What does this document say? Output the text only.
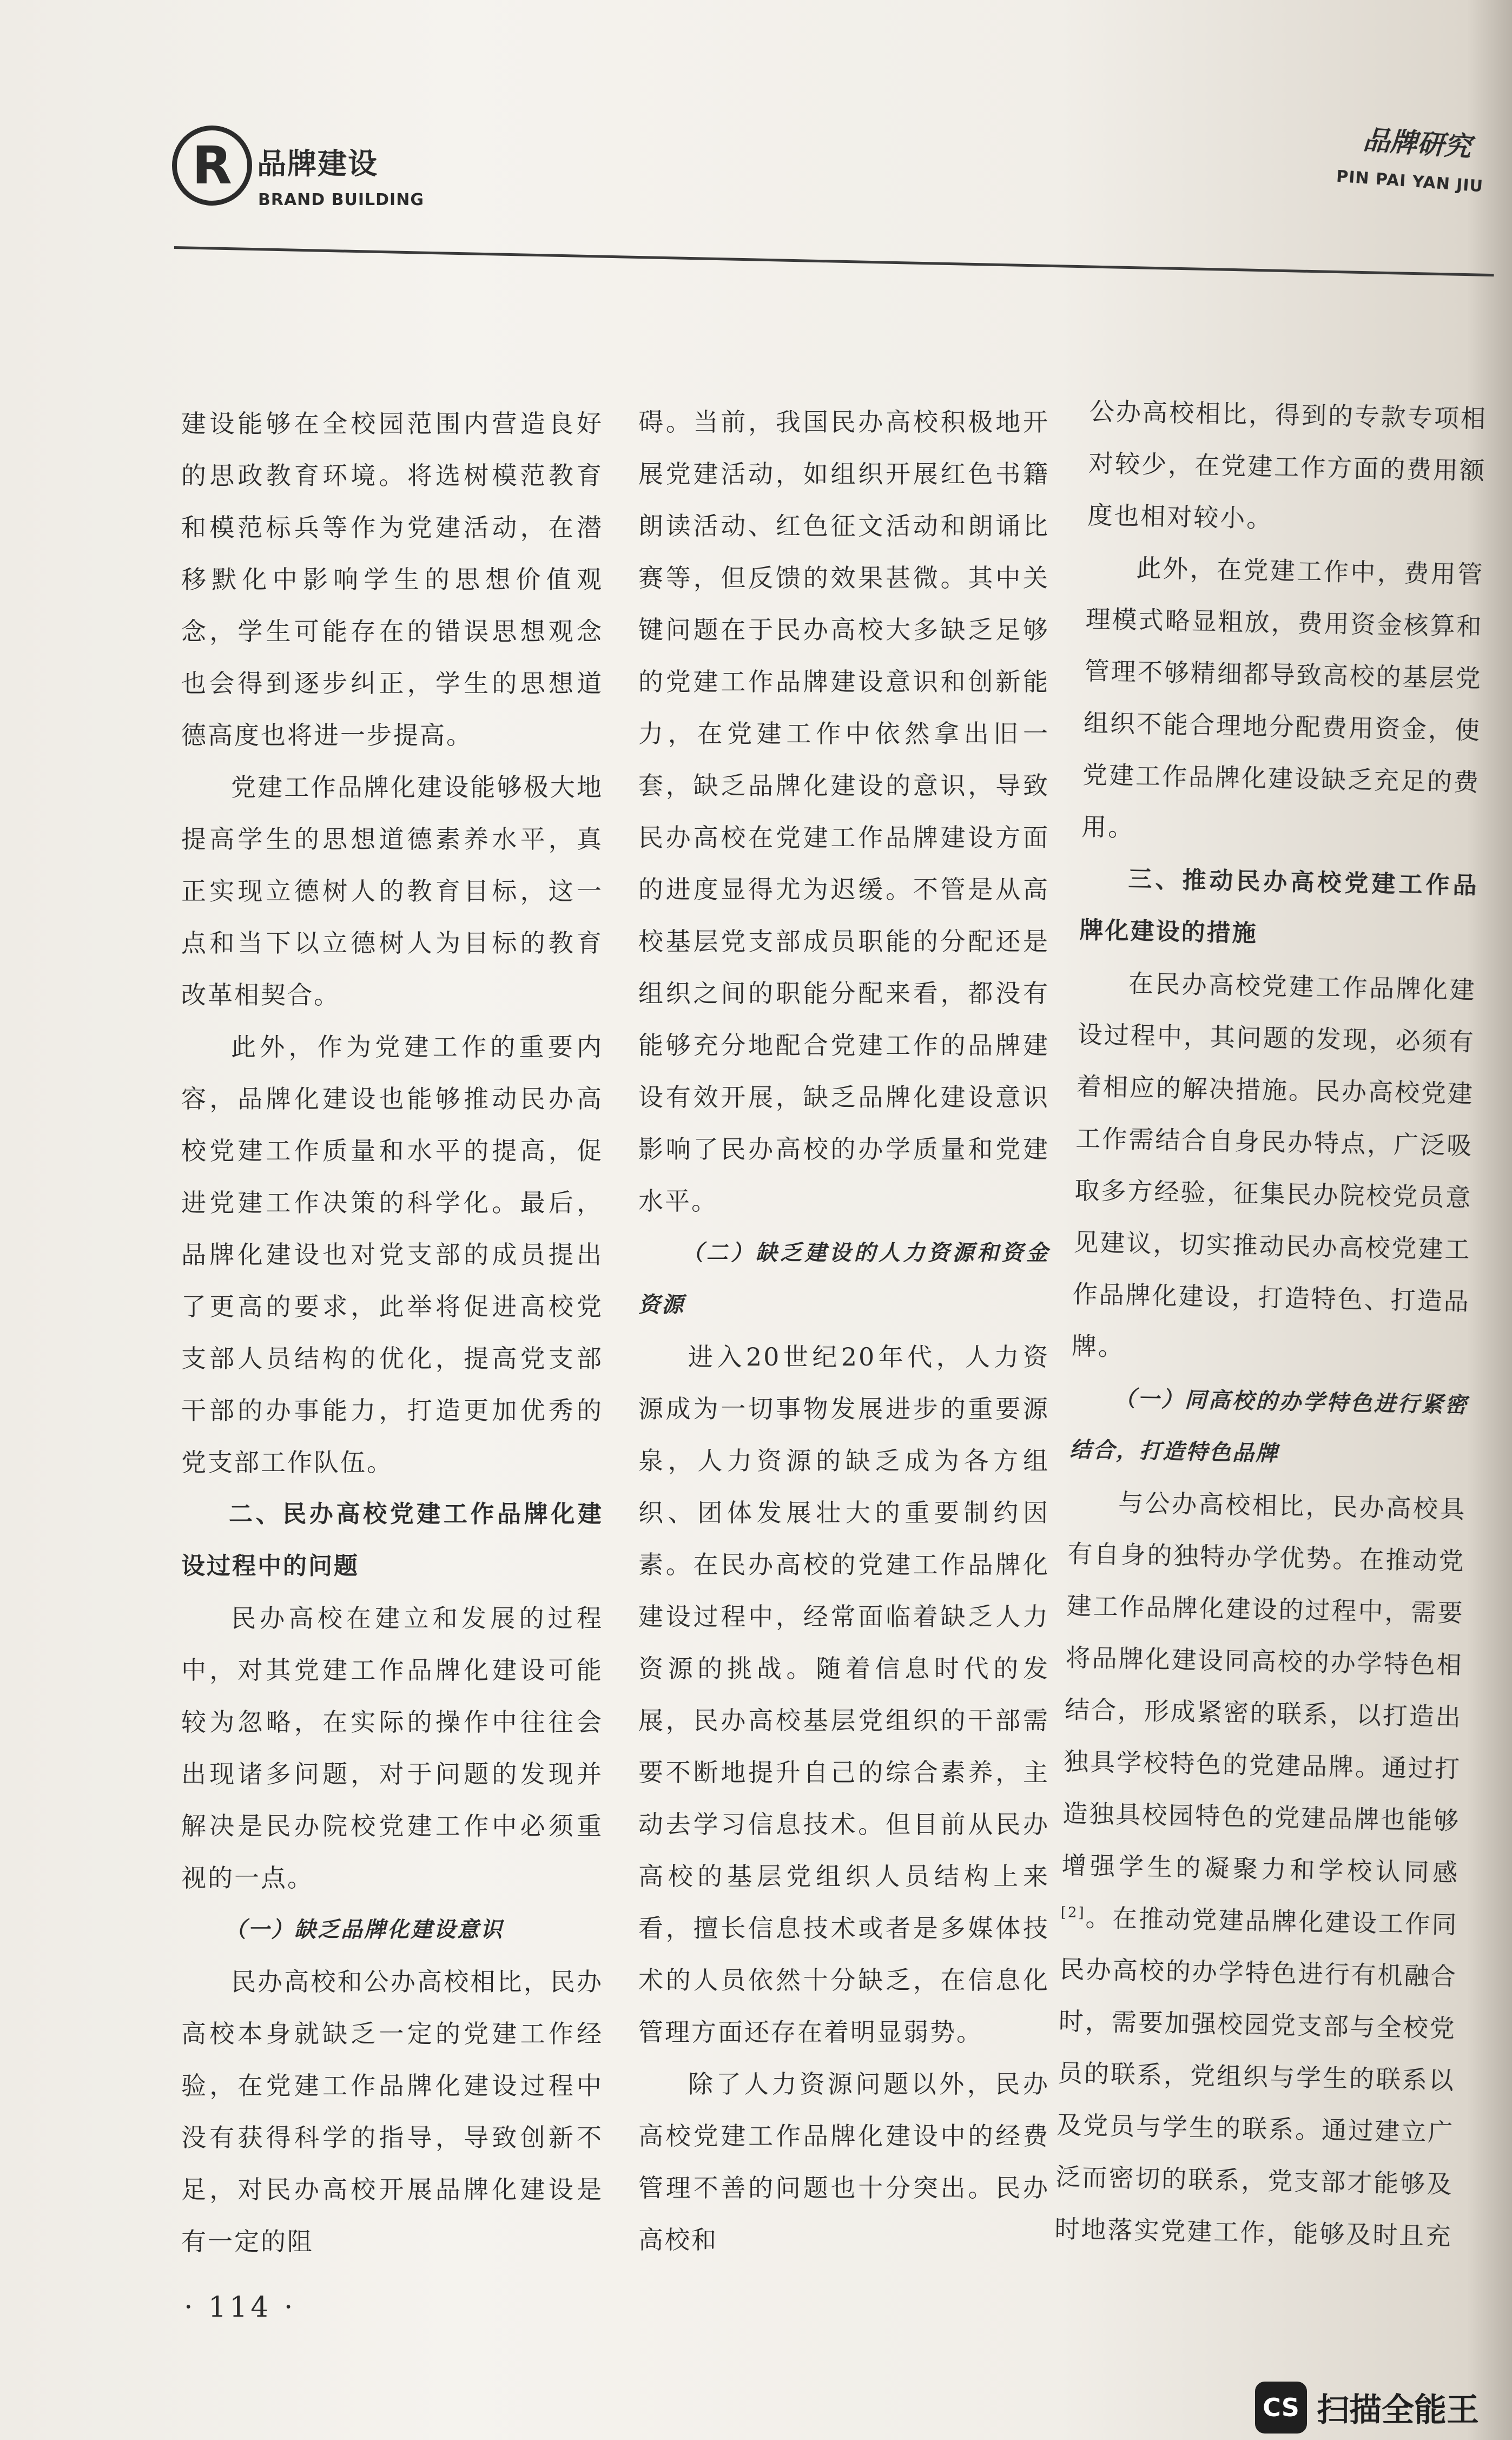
R 品牌建设
BRAND BUILDING
品牌研究
PIN PAI YAN JIU

建设能够在全校园范围内营造良好的思政教育环境。将选树模范教育和模范标兵等作为党建活动，在潜移默化中影响学生的思想价值观念，学生可能存在的错误思想观念也会得到逐步纠正，学生的思想道德高度也将进一步提高。

党建工作品牌化建设能够极大地提高学生的思想道德素养水平，真正实现立德树人的教育目标，这一点和当下以立德树人为目标的教育改革相契合。

此外，作为党建工作的重要内容，品牌化建设也能够推动民办高校党建工作质量和水平的提高，促进党建工作决策的科学化。最后，品牌化建设也对党支部的成员提出了更高的要求，此举将促进高校党支部人员结构的优化，提高党支部干部的办事能力，打造更加优秀的党支部工作队伍。

二、民办高校党建工作品牌化建设过程中的问题

民办高校在建立和发展的过程中，对其党建工作品牌化建设可能较为忽略，在实际的操作中往往会出现诸多问题，对于问题的发现并解决是民办院校党建工作中必须重视的一点。

（一）缺乏品牌化建设意识

民办高校和公办高校相比，民办高校本身就缺乏一定的党建工作经验，在党建工作品牌化建设过程中没有获得科学的指导，导致创新不足，对民办高校开展品牌化建设是有一定的阻

碍。当前，我国民办高校积极地开展党建活动，如组织开展红色书籍朗读活动、红色征文活动和朗诵比赛等，但反馈的效果甚微。其中关键问题在于民办高校大多缺乏足够的党建工作品牌建设意识和创新能力，在党建工作中依然拿出旧一套，缺乏品牌化建设的意识，导致民办高校在党建工作品牌建设方面的进度显得尤为迟缓。不管是从高校基层党支部成员职能的分配还是组织之间的职能分配来看，都没有能够充分地配合党建工作的品牌建设有效开展，缺乏品牌化建设意识影响了民办高校的办学质量和党建水平。

（二）缺乏建设的人力资源和资金资源

进入20世纪20年代，人力资源成为一切事物发展进步的重要源泉，人力资源的缺乏成为各方组织、团体发展壮大的重要制约因素。在民办高校的党建工作品牌化建设过程中，经常面临着缺乏人力资源的挑战。随着信息时代的发展，民办高校基层党组织的干部需要不断地提升自己的综合素养，主动去学习信息技术。但目前从民办高校的基层党组织人员结构上来看，擅长信息技术或者是多媒体技术的人员依然十分缺乏，在信息化管理方面还存在着明显弱势。

除了人力资源问题以外，民办高校党建工作品牌化建设中的经费管理不善的问题也十分突出。民办高校和

公办高校相比，得到的专款专项相对较少，在党建工作方面的费用额度也相对较小。

此外，在党建工作中，费用管理模式略显粗放，费用资金核算和管理不够精细都导致高校的基层党组织不能合理地分配费用资金，使党建工作品牌化建设缺乏充足的费用。

三、推动民办高校党建工作品牌化建设的措施

在民办高校党建工作品牌化建设过程中，其问题的发现，必须有着相应的解决措施。民办高校党建工作需结合自身民办特点，广泛吸取多方经验，征集民办院校党员意见建议，切实推动民办高校党建工作品牌化建设，打造特色、打造品牌。

（一）同高校的办学特色进行紧密结合，打造特色品牌

与公办高校相比，民办高校具有自身的独特办学优势。在推动党建工作品牌化建设的过程中，需要将品牌化建设同高校的办学特色相结合，形成紧密的联系，以打造出独具学校特色的党建品牌。通过打造独具校园特色的党建品牌也能够增强学生的凝聚力和学校认同感[2]。在推动党建品牌化建设工作同民办高校的办学特色进行有机融合时，需要加强校园党支部与全校党员的联系，党组织与学生的联系以及党员与学生的联系。通过建立广泛而密切的联系，党支部才能够及时地落实党建工作，能够及时且充

· 114 ·
CS 扫描全能王
